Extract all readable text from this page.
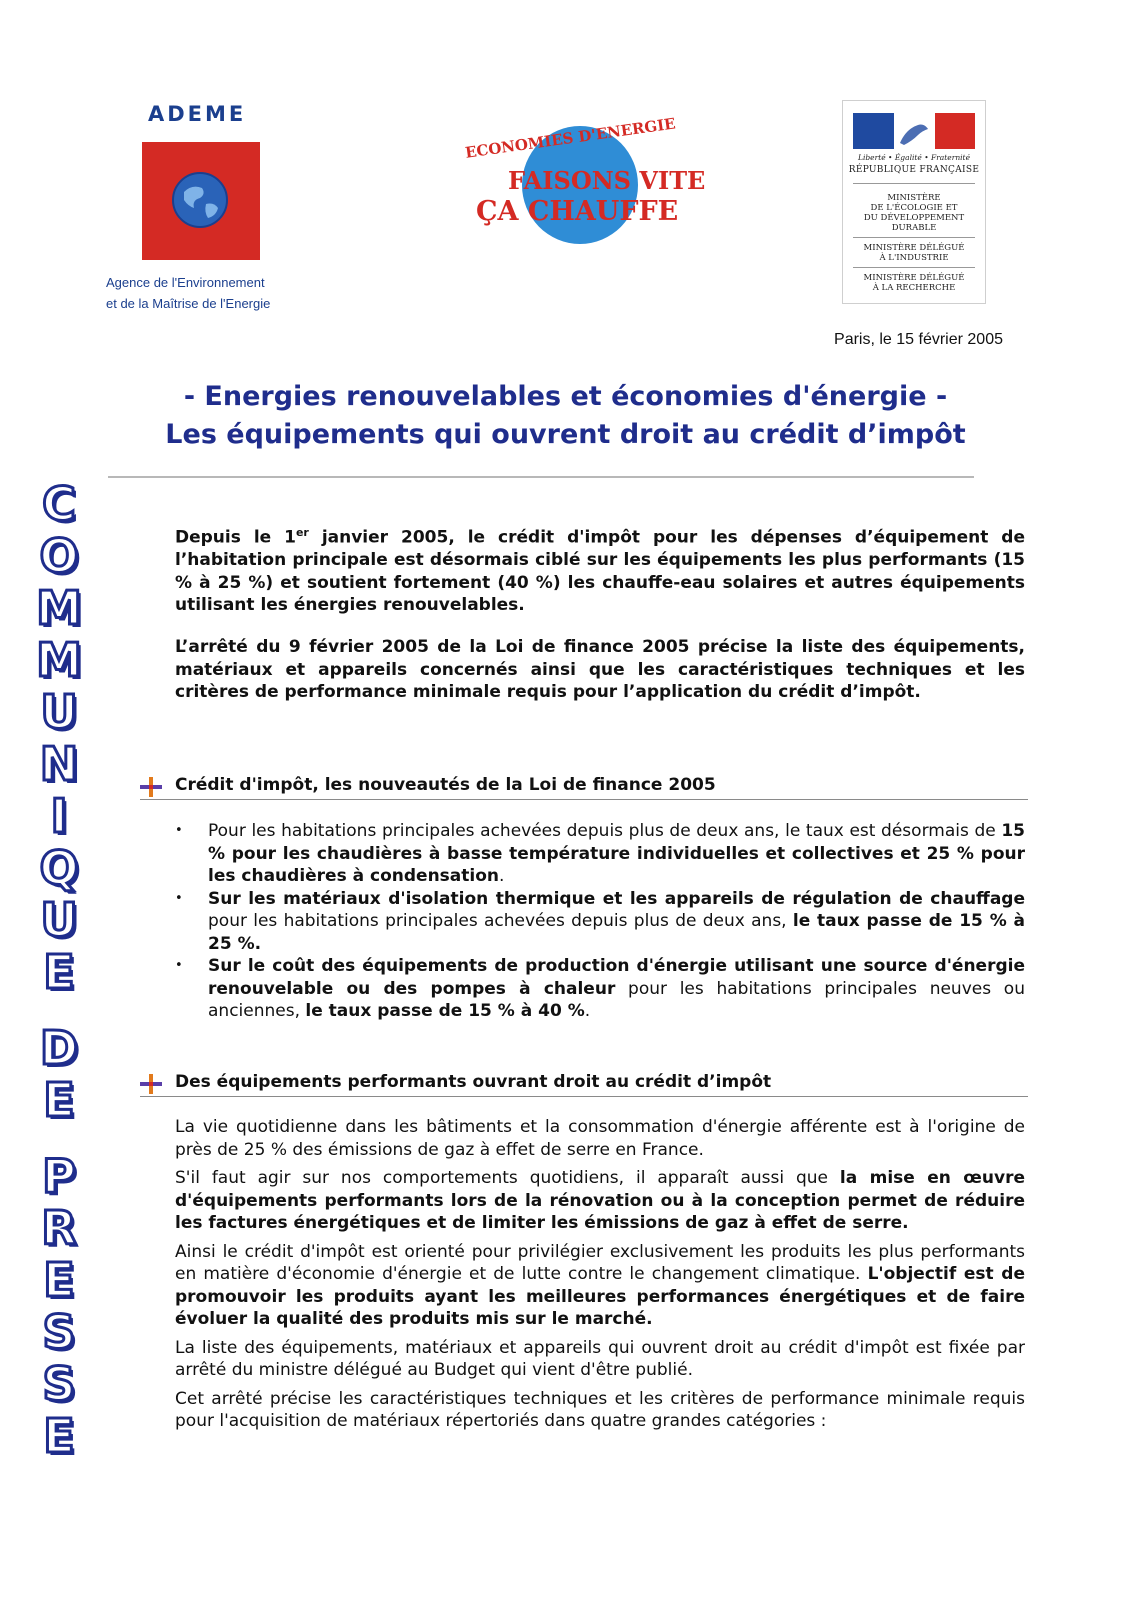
ADEME
Agence de l'Environnement
et de la Maîtrise de l'Energie
ECONOMIES D'ENERGIE
FAISONS VITE
ÇA CHAUFFE
Liberté • Égalité • Fraternité
RÉPUBLIQUE FRANÇAISE
MINISTÈRE
DE L'ÉCOLOGIE ET
DU DÉVELOPPEMENT
DURABLE
MINISTÈRE DÉLÉGUÉ
À L'INDUSTRIE
MINISTÈRE DÉLÉGUÉ
À LA RECHERCHE
Paris, le 15 février 2005
- Energies renouvelables et économies d'énergie -
Les équipements qui ouvrent droit au crédit d’impôt
C
O
M
M
U
N
I
Q
U
E
D
E
P
R
E
S
S
E

Depuis le 1er janvier 2005, le crédit d'impôt pour les dépenses d’équipement de l’habitation principale est désormais ciblé sur les équipements les plus performants (15 % à 25 %) et soutient fortement (40 %) les chauffe-eau solaires et autres équipements utilisant les énergies renouvelables.

L’arrêté du 9 février 2005 de la Loi de finance 2005 précise la liste des équipements, matériaux et appareils concernés ainsi que les caractéristiques techniques et les critères de performance minimale requis pour l’application du crédit d’impôt.

Crédit d'impôt, les nouveautés de la Loi de finance 2005
• Pour les habitations principales achevées depuis plus de deux ans, le taux est désormais de 15 % pour les chaudières à basse température individuelles et collectives et 25 % pour les chaudières à condensation.
• Sur les matériaux d'isolation thermique et les appareils de régulation de chauffage pour les habitations principales achevées depuis plus de deux ans, le taux passe de 15 % à 25 %.
• Sur le coût des équipements de production d'énergie utilisant une source d'énergie renouvelable ou des pompes à chaleur pour les habitations principales neuves ou anciennes, le taux passe de 15 % à 40 %.
Des équipements performants ouvrant droit au crédit d’impôt

La vie quotidienne dans les bâtiments et la consommation d'énergie afférente est à l'origine de près de 25 % des émissions de gaz à effet de serre en France.

S'il faut agir sur nos comportements quotidiens, il apparaît aussi que la mise en œuvre d'équipements performants lors de la rénovation ou à la conception permet de réduire les factures énergétiques et de limiter les émissions de gaz à effet de serre.

Ainsi le crédit d'impôt est orienté pour privilégier exclusivement les produits les plus performants en matière d'économie d'énergie et de lutte contre le changement climatique. L'objectif est de promouvoir les produits ayant les meilleures performances énergétiques et de faire évoluer la qualité des produits mis sur le marché.

La liste des équipements, matériaux et appareils qui ouvrent droit au crédit d'impôt est fixée par arrêté du ministre délégué au Budget qui vient d'être publié.

Cet arrêté précise les caractéristiques techniques et les critères de performance minimale requis pour l'acquisition de matériaux répertoriés dans quatre grandes catégories :
